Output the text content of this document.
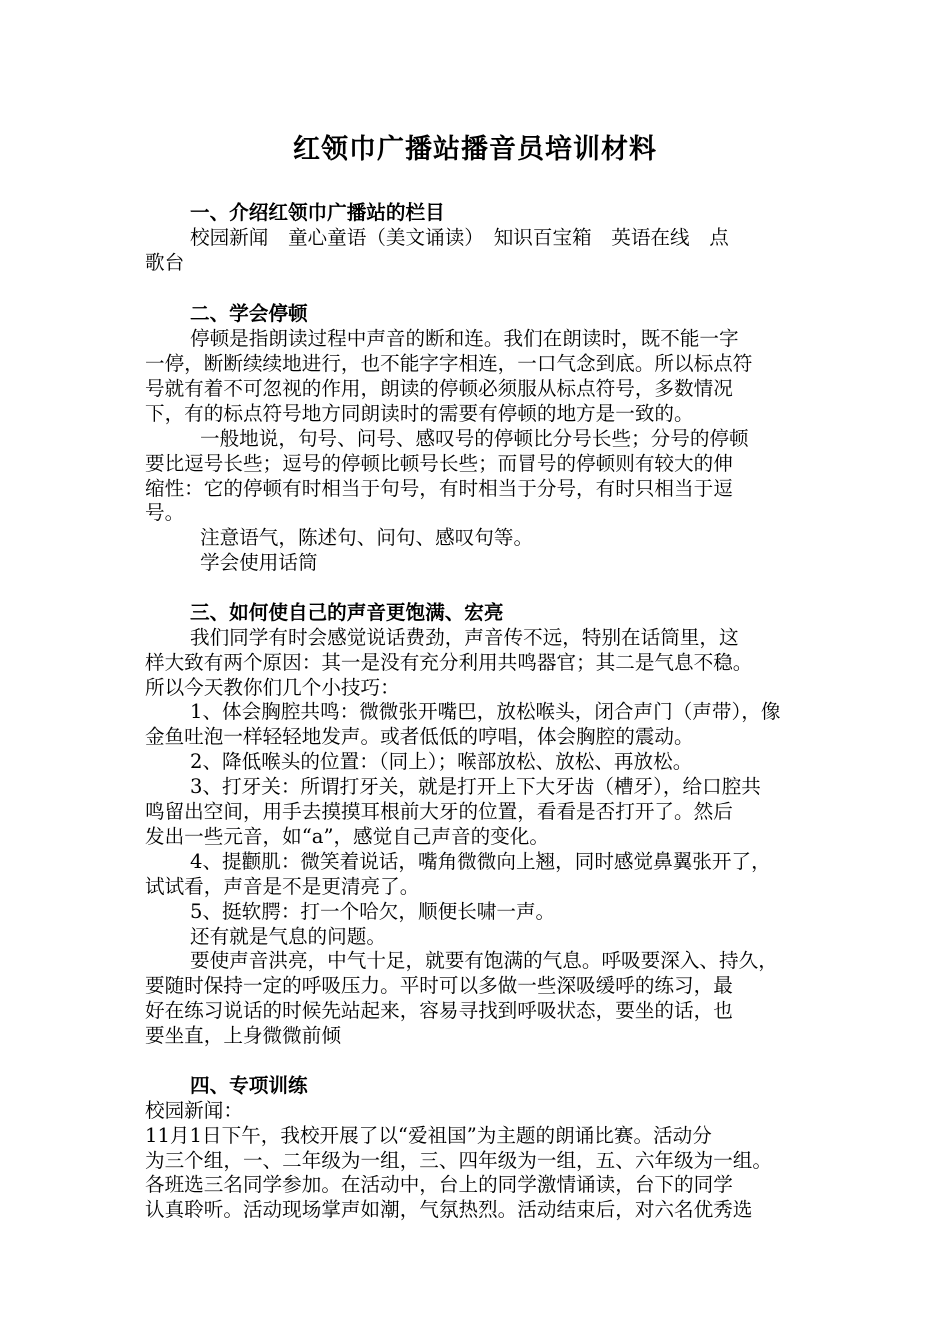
红领巾广播站播音员培训材料
一、介绍红领巾广播站的栏目
校园新闻　童心童语（美文诵读）　知识百宝箱　英语在线　点
歌台
二、学会停顿
停顿是指朗读过程中声音的断和连。我们在朗读时，既不能一字
一停，断断续续地进行，也不能字字相连，一口气念到底。所以标点符
号就有着不可忽视的作用，朗读的停顿必须服从标点符号，多数情况
下，有的标点符号地方同朗读时的需要有停顿的地方是一致的。
一般地说，句号、问号、感叹号的停顿比分号长些；分号的停顿
要比逗号长些；逗号的停顿比顿号长些；而冒号的停顿则有较大的伸
缩性：它的停顿有时相当于句号，有时相当于分号，有时只相当于逗
号。
注意语气，陈述句、问句、感叹句等。
学会使用话筒
三、如何使自己的声音更饱满、宏亮
我们同学有时会感觉说话费劲，声音传不远，特别在话筒里，这
样大致有两个原因：其一是没有充分利用共鸣器官；其二是气息不稳。
所以今天教你们几个小技巧：
1、体会胸腔共鸣：微微张开嘴巴，放松喉头，闭合声门（声带），像
金鱼吐泡一样轻轻地发声。或者低低的哼唱，体会胸腔的震动。
2、降低喉头的位置：（同上）；喉部放松、放松、再放松。
3、打牙关：所谓打牙关，就是打开上下大牙齿（槽牙），给口腔共
鸣留出空间，用手去摸摸耳根前大牙的位置，看看是否打开了。然后
发出一些元音，如“a”，感觉自己声音的变化。
4、提颧肌：微笑着说话，嘴角微微向上翘，同时感觉鼻翼张开了，
试试看，声音是不是更清亮了。
5、挺软腭：打一个哈欠，顺便长啸一声。
还有就是气息的问题。
要使声音洪亮，中气十足，就要有饱满的气息。呼吸要深入、持久，
要随时保持一定的呼吸压力。平时可以多做一些深吸缓呼的练习，最
好在练习说话的时候先站起来，容易寻找到呼吸状态，要坐的话，也
要坐直，上身微微前倾
四、专项训练
校园新闻：
11月1日下午，我校开展了以“爱祖国”为主题的朗诵比赛。活动分
为三个组，一、二年级为一组，三、四年级为一组，五、六年级为一组。
各班选三名同学参加。在活动中，台上的同学激情诵读，台下的同学
认真聆听。活动现场掌声如潮，气氛热烈。活动结束后，对六名优秀选
